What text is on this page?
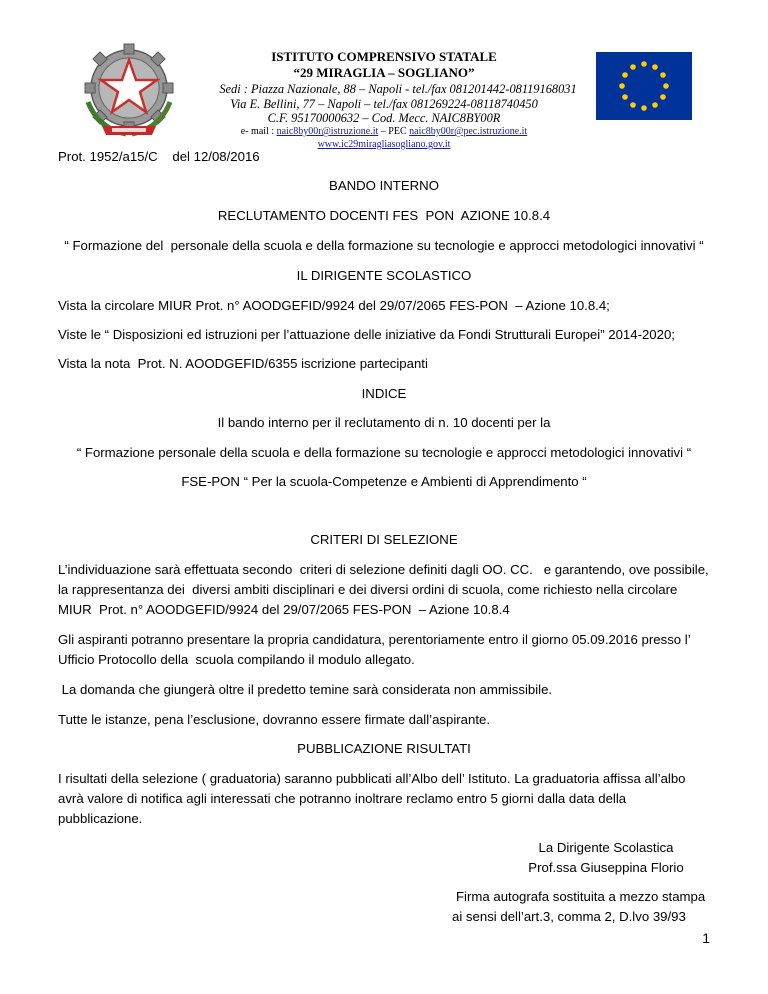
ISTITUTO COMPRENSIVO STATALE
“29 MIRAGLIA – SOGLIANO”
Sedi : Piazza Nazionale, 88 – Napoli - tel./fax 081201442-08119168031
Via E. Bellini, 77 – Napoli – tel./fax 081269224-08118740450
C.F. 95170000632 – Cod. Mecc. NAIC8BY00R
e- mail : naic8by00r@istruzione.it – PEC naic8by00r@pec.istruzione.it
www.ic29miragliasogliano.gov.it
Prot. 1952/a15/C    del 12/08/2016
BANDO INTERNO
RECLUTAMENTO DOCENTI FES  PON  AZIONE 10.8.4
“ Formazione del  personale della scuola e della formazione su tecnologie e approcci metodologici innovativi “
IL DIRIGENTE SCOLASTICO
Vista la circolare MIUR Prot. n° AOODGEFID/9924 del 29/07/2065 FES-PON  – Azione 10.8.4;
Viste le “ Disposizioni ed istruzioni per l’attuazione delle iniziative da Fondi Strutturali Europei” 2014-2020;
Vista la nota  Prot. N. AOODGEFID/6355 iscrizione partecipanti
INDICE
Il bando interno per il reclutamento di n. 10 docenti per la
“ Formazione personale della scuola e della formazione su tecnologie e approcci metodologici innovativi “
FSE-PON “ Per la scuola-Competenze e Ambienti di Apprendimento “
CRITERI DI SELEZIONE
L’individuazione sarà effettuata secondo  criteri di selezione definiti dagli OO. CC.   e garantendo, ove possibile,
la rappresentanza dei  diversi ambiti disciplinari e dei diversi ordini di scuola, come richiesto nella circolare
MIUR  Prot. n° AOODGEFID/9924 del 29/07/2065 FES-PON  – Azione 10.8.4
Gli aspiranti potranno presentare la propria candidatura, perentoriamente entro il giorno 05.09.2016 presso l’
Ufficio Protocollo della  scuola compilando il modulo allegato.
La domanda che giungerà oltre il predetto temine sarà considerata non ammissibile.
Tutte le istanze, pena l’esclusione, dovranno essere firmate dall’aspirante.
PUBBLICAZIONE RISULTATI
I risultati della selezione ( graduatoria) saranno pubblicati all’Albo dell’ Istituto. La graduatoria affissa all’albo
avrà valore di notifica agli interessati che potranno inoltrare reclamo entro 5 giorni dalla data della
pubblicazione.
La Dirigente Scolastica
Prof.ssa Giuseppina Florio
Firma autografa sostituita a mezzo stampa
ai sensi dell’art.3, comma 2, D.lvo 39/93
1
